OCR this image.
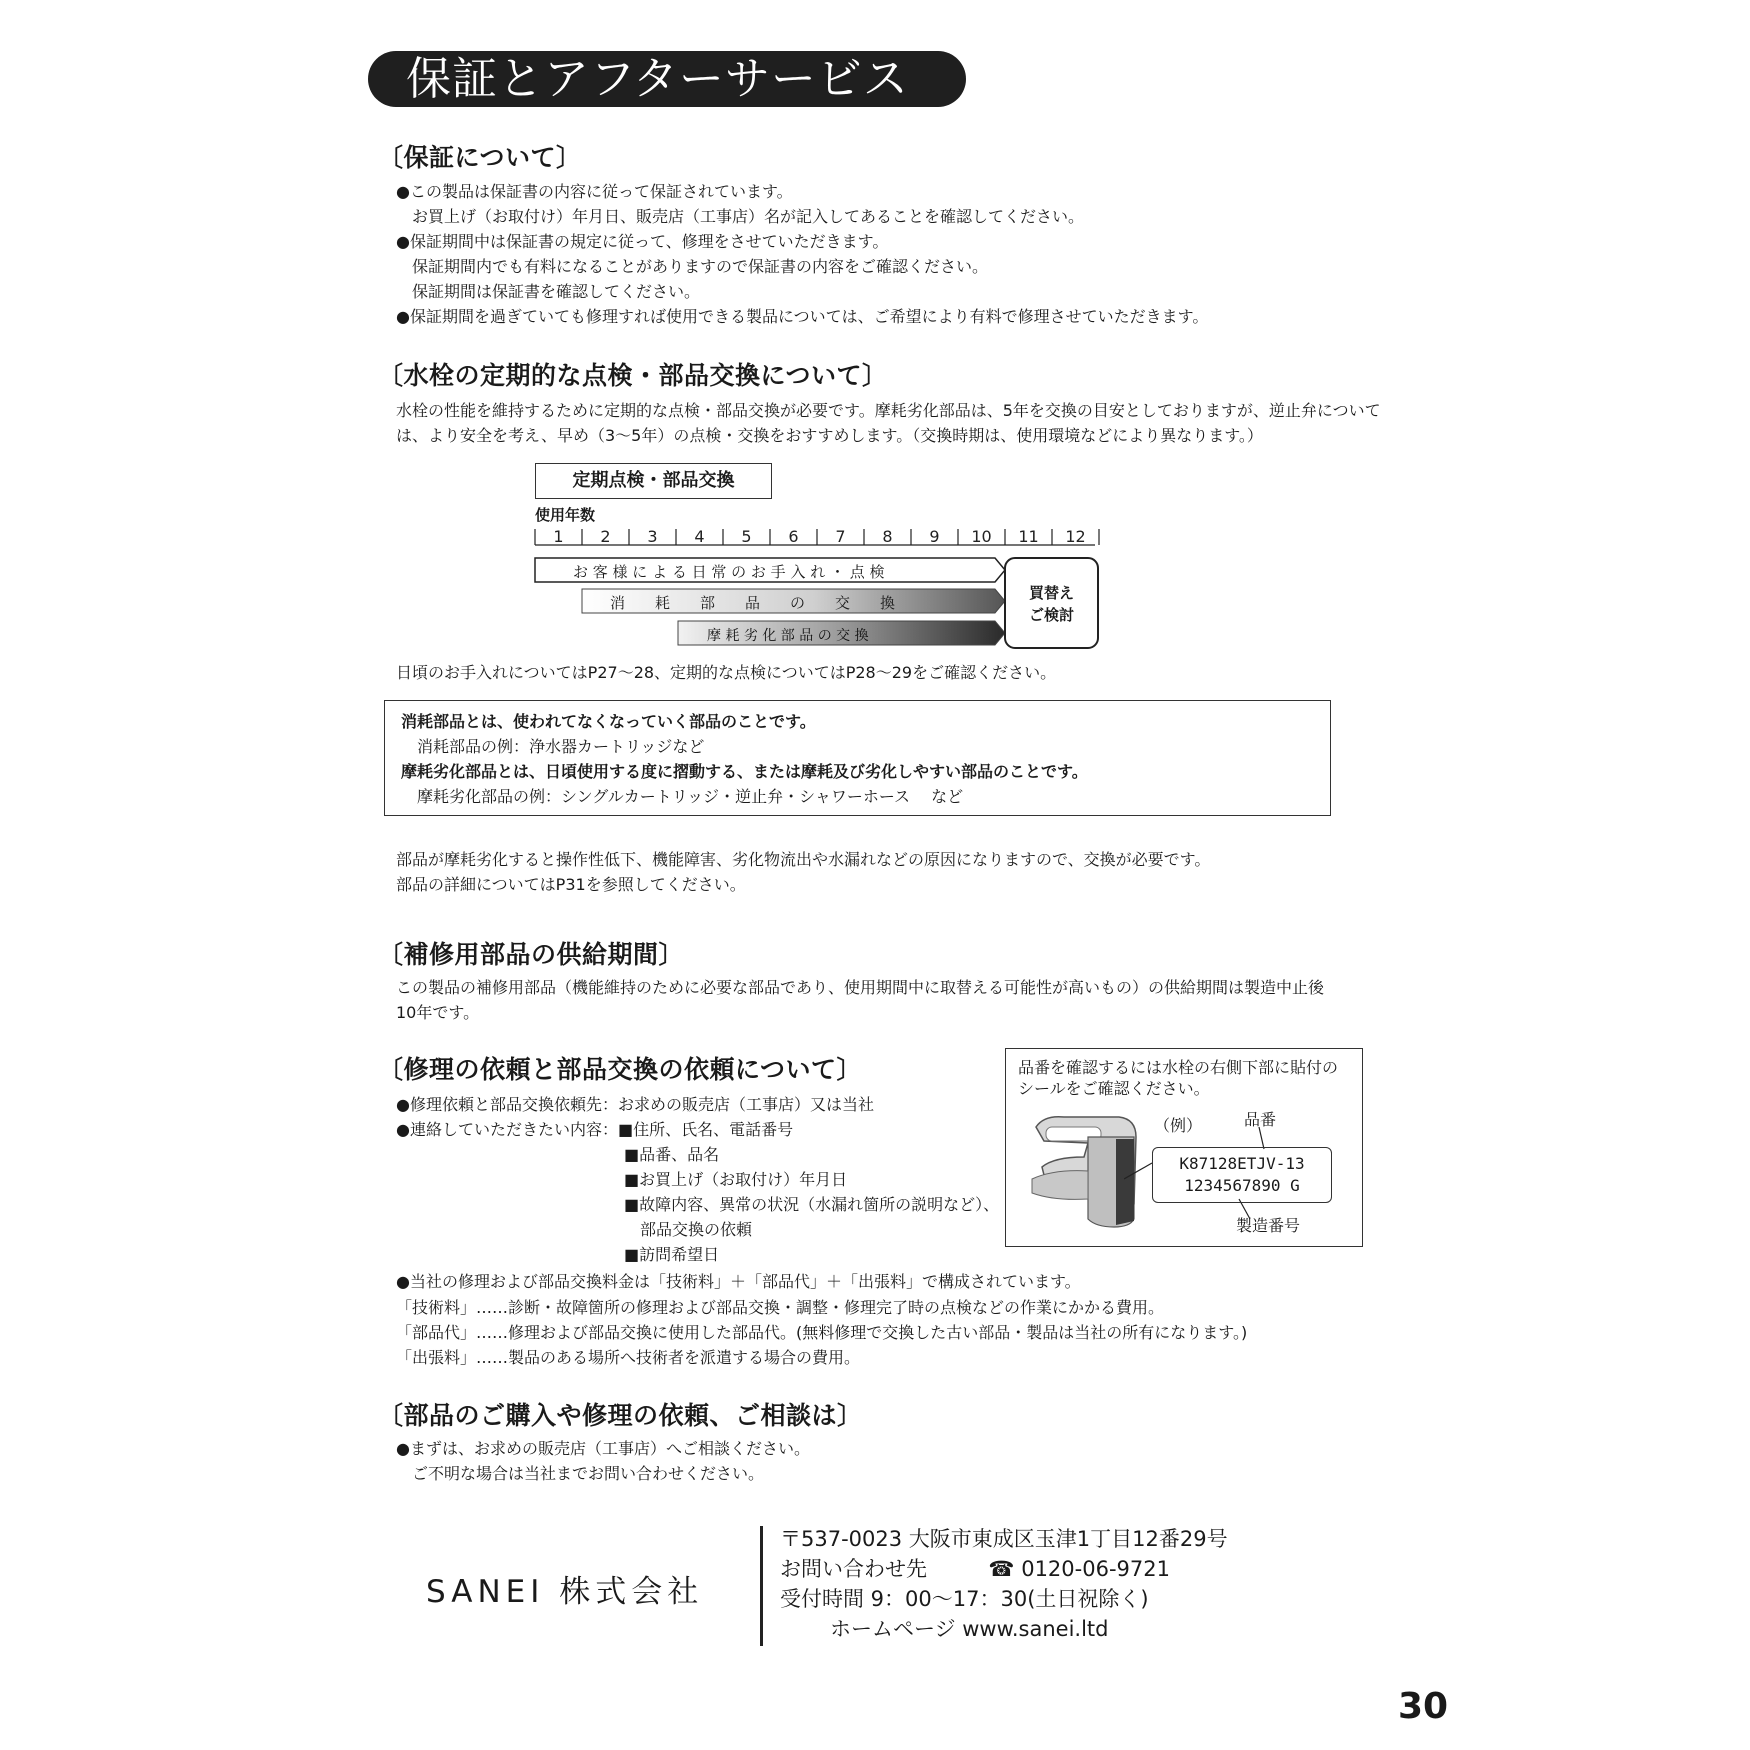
保証とアフターサービス
〔保証について〕
●この製品は保証書の内容に従って保証されています。
　お買上げ（お取付け）年月日、販売店（工事店）名が記入してあることを確認してください。
●保証期間中は保証書の規定に従って、修理をさせていただきます。
　保証期間内でも有料になることがありますので保証書の内容をご確認ください。
　保証期間は保証書を確認してください。
●保証期間を過ぎていても修理すれば使用できる製品については、ご希望により有料で修理させていただきます。
〔水栓の定期的な点検・部品交換について〕
水栓の性能を維持するために定期的な点検・部品交換が必要です。摩耗劣化部品は、5年を交換の目安としておりますが、逆止弁について
は、より安全を考え、早め（3～5年）の点検・交換をおすすめします。（交換時期は、使用環境などにより異なります。）
定期点検・部品交換
使用年数
1 2 3 4 5 6 7 8 9 10 11 12
お 客 様 に よ る 日 常 の お 手 入 れ ・ 点 検
消　　耗　　部　　品　　の　　交　　換
摩 耗 劣 化 部 品 の 交 換
買替え
ご検討
日頃のお手入れについてはP27～28、定期的な点検についてはP28～29をご確認ください。
消耗部品とは、使われてなくなっていく部品のことです。
　消耗部品の例：浄水器カートリッジなど
摩耗劣化部品とは、日頃使用する度に摺動する、または摩耗及び劣化しやすい部品のことです。
　摩耗劣化部品の例：シングルカートリッジ・逆止弁・シャワーホース　 など
部品が摩耗劣化すると操作性低下、機能障害、劣化物流出や水漏れなどの原因になりますので、交換が必要です。
部品の詳細についてはP31を参照してください。
〔補修用部品の供給期間〕
この製品の補修用部品（機能維持のために必要な部品であり、使用期間中に取替える可能性が高いもの）の供給期間は製造中止後
10年です。
〔修理の依頼と部品交換の依頼について〕
●修理依頼と部品交換依頼先：お求めの販売店（工事店）又は当社
●連絡していただきたい内容：■住所、氏名、電話番号
■品番、品名
■お買上げ（お取付け）年月日
■故障内容、異常の状況（水漏れ箇所の説明など）、
　部品交換の依頼
■訪問希望日
●当社の修理および部品交換料金は「技術料」＋「部品代」＋「出張料」で構成されています。
「技術料」……診断・故障箇所の修理および部品交換・調整・修理完了時の点検などの作業にかかる費用。
「部品代」……修理および部品交換に使用した部品代。(無料修理で交換した古い部品・製品は当社の所有になります。)
「出張料」……製品のある場所へ技術者を派遣する場合の費用。
品番を確認するには水栓の右側下部に貼付の
シールをご確認ください。
（例）	品番
K87128ETJV-13
1234567890 G
製造番号
〔部品のご購入や修理の依頼、ご相談は〕
●まずは、お求めの販売店（工事店）へご相談ください。
　ご不明な場合は当社までお問い合わせください。
SANEI 株式会社
〒537-0023 大阪市東成区玉津1丁目12番29号
お問い合わせ先	☎ 0120-06-9721
受付時間 9：00～17：30(土日祝除く)
ホームページ www.sanei.ltd
30
